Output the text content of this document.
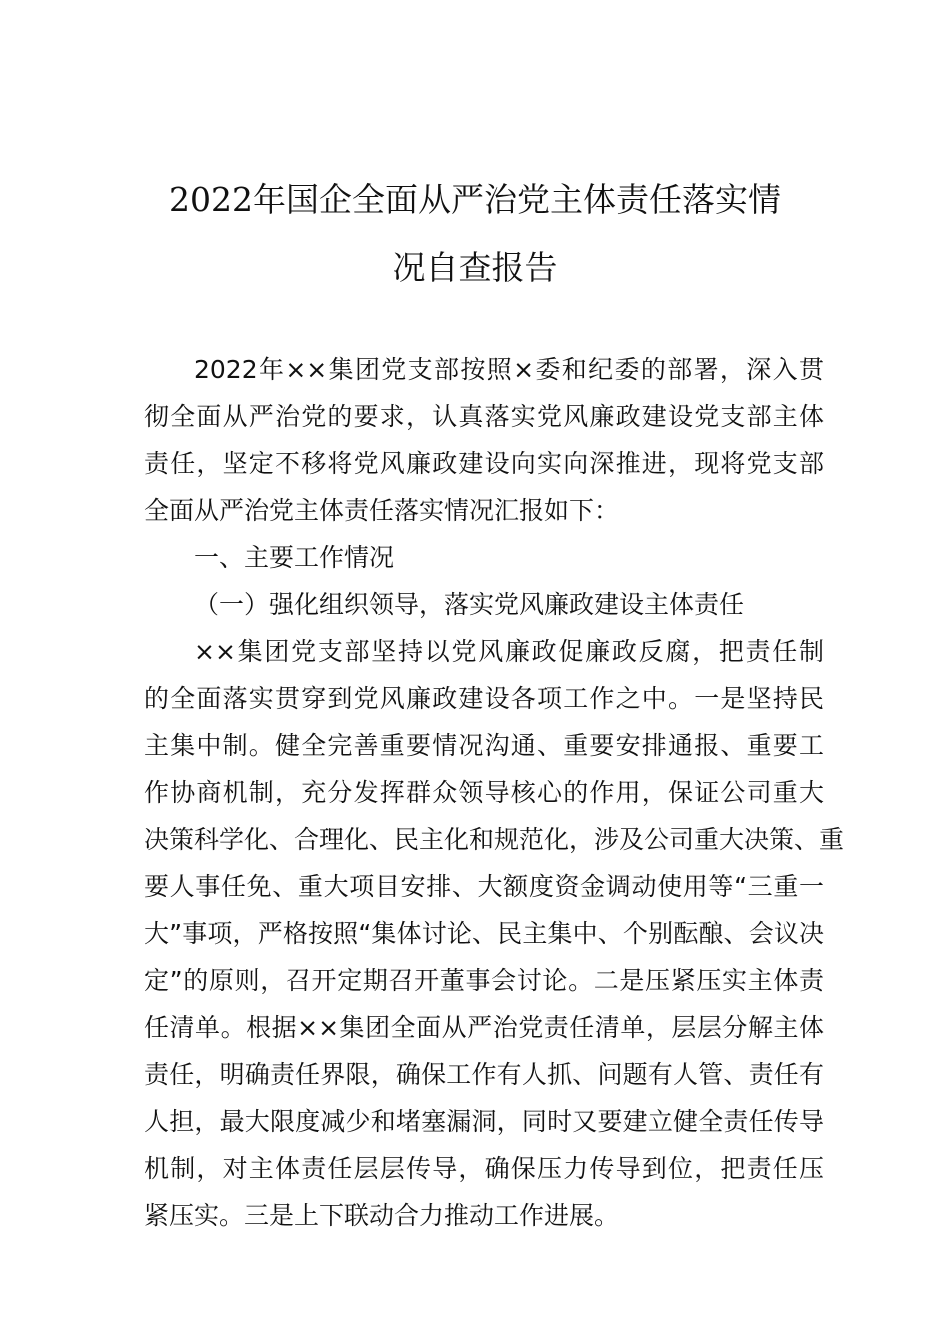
2022年国企全面从严治党主体责任落实情
况自查报告
2022年××集团党支部按照×委和纪委的部署，深入贯
彻全面从严治党的要求，认真落实党风廉政建设党支部主体
责任，坚定不移将党风廉政建设向实向深推进，现将党支部
全面从严治党主体责任落实情况汇报如下：
一、主要工作情况
（一）强化组织领导，落实党风廉政建设主体责任
××集团党支部坚持以党风廉政促廉政反腐，把责任制
的全面落实贯穿到党风廉政建设各项工作之中。一是坚持民
主集中制。健全完善重要情况沟通、重要安排通报、重要工
作协商机制，充分发挥群众领导核心的作用，保证公司重大
决策科学化、合理化、民主化和规范化，涉及公司重大决策、重
要人事任免、重大项目安排、大额度资金调动使用等“三重一
大”事项，严格按照“集体讨论、民主集中、个别酝酿、会议决
定”的原则，召开定期召开董事会讨论。二是压紧压实主体责
任清单。根据××集团全面从严治党责任清单，层层分解主体
责任，明确责任界限，确保工作有人抓、问题有人管、责任有
人担，最大限度减少和堵塞漏洞，同时又要建立健全责任传导
机制，对主体责任层层传导，确保压力传导到位，把责任压
紧压实。三是上下联动合力推动工作进展。
